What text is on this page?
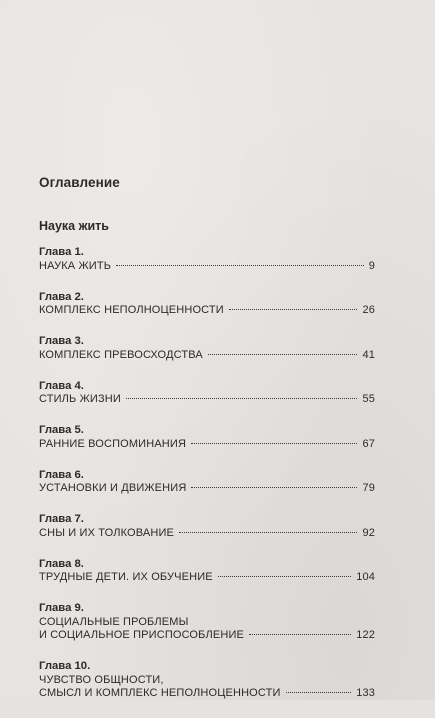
Оглавление
Наука жить
Глава 1.
НАУКА ЖИТЬ	9
Глава 2.
КОМПЛЕКС НЕПОЛНОЦЕННОСТИ	26
Глава 3.
КОМПЛЕКС ПРЕВОСХОДСТВА	41
Глава 4.
СТИЛЬ ЖИЗНИ	55
Глава 5.
РАННИЕ ВОСПОМИНАНИЯ	67
Глава 6.
УСТАНОВКИ И ДВИЖЕНИЯ	79
Глава 7.
СНЫ И ИХ ТОЛКОВАНИЕ	92
Глава 8.
ТРУДНЫЕ ДЕТИ. ИХ ОБУЧЕНИЕ	104
Глава 9.
СОЦИАЛЬНЫЕ ПРОБЛЕМЫ
И СОЦИАЛЬНОЕ ПРИСПОСОБЛЕНИЕ	122
Глава 10.
ЧУВСТВО ОБЩНОСТИ,
СМЫСЛ И КОМПЛЕКС НЕПОЛНОЦЕННОСТИ	133
